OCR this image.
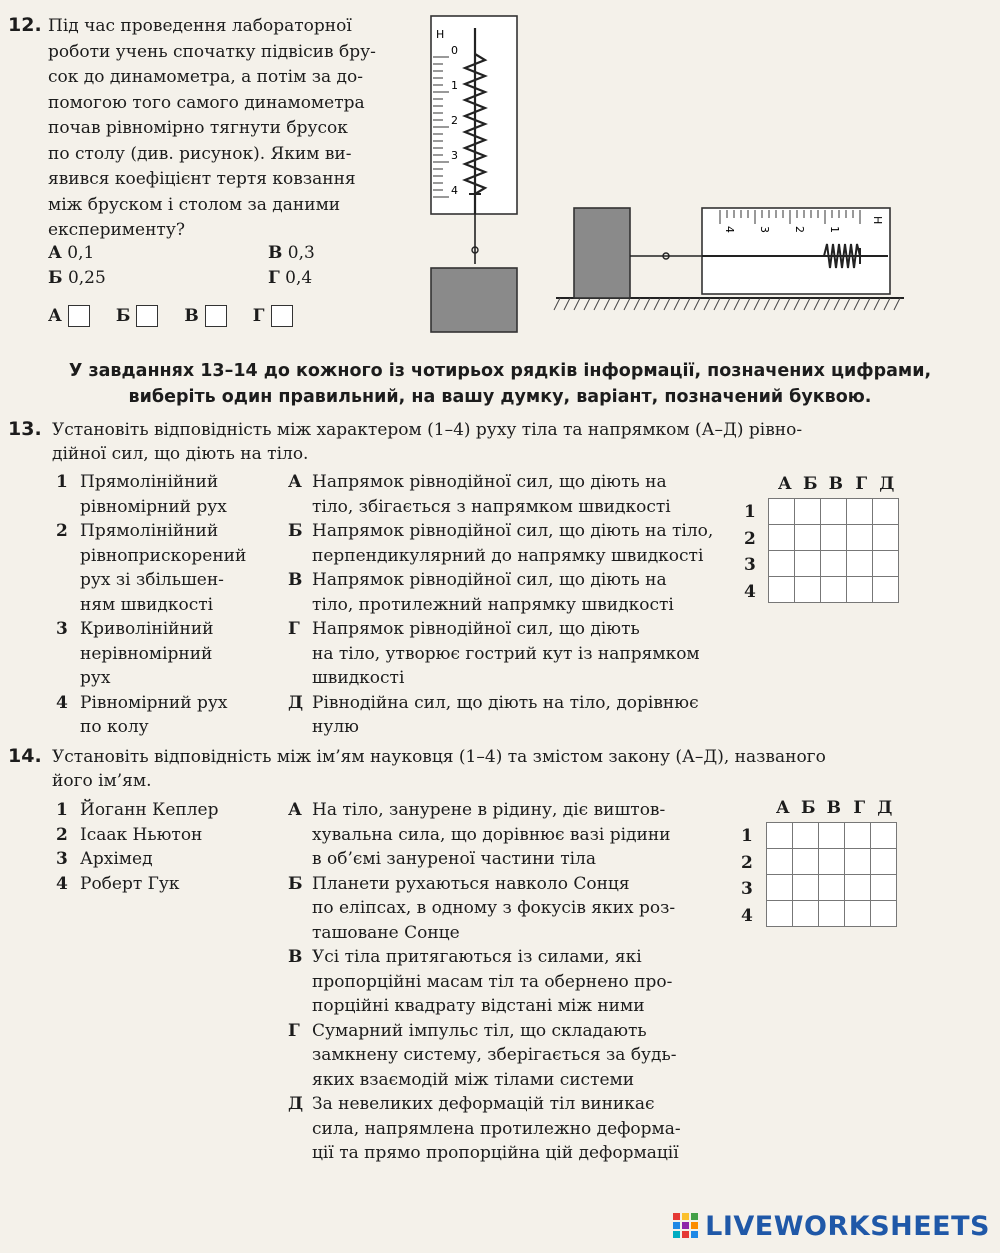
12. Під час проведення лабораторної
роботи учень спочатку підвісив бру-
сок до динамометра, а потім за до-
помогою того самого динамометра
почав рівномірно тягнути брусок
по столу (див. рисунок). Яким ви-
явився коефіцієнт тертя ковзання
між бруском і столом за даними
експерименту?
А 0,1
Б 0,25
В 0,3
Г 0,4
А	Б	В	Г
Н
0
1
2
3
4
Н
1
2
3
4
У завданнях 13–14 до кожного із чотирьох рядків інформації, позначених цифрами,
виберіть один правильний, на вашу думку, варіант, позначений буквою.
13. Установіть відповідність між характером (1–4) руху тіла та напрямком (А–Д) рівно-
дійної сил, що діють на тіло.
1 Прямолінійний
рівномірний рух
2 Прямолінійний
рівноприскорений
рух зі збільшен-
ням швидкості
3 Криволінійний
нерівномірний
рух
4 Рівномірний рух
по колу
А Напрямок рівнодійної сил, що діють на
тіло, збігається з напрямком швидкості
Б Напрямок рівнодійної сил, що діють на тіло,
перпендикулярний до напрямку швидкості
В Напрямок рівнодійної сил, що діють на
тіло, протилежний напрямку швидкості
Г Напрямок рівнодійної сил, що діють
на тіло, утворює гострий кут із напрямком
швидкості
Д Рівнодійна сил, що діють на тіло, дорівнює
нулю
А Б В Г Д
1
2
3
4

14. Установіть відповідність між ім’ям науковця (1–4) та змістом закону (А–Д), названого
його ім’ям.
1 Йоганн Кеплер
2 Ісаак Ньютон
3 Архімед
4 Роберт Гук
А На тіло, занурене в рідину, діє виштов-
хувальна сила, що дорівнює вазі рідини
в об’ємі зануреної частини тіла
Б Планети рухаються навколо Сонця
по еліпсах, в одному з фокусів яких роз-
ташоване Сонце
В Усі тіла притягаються із силами, які
пропорційні масам тіл та обернено про-
порційні квадрату відстані між ними
Г Сумарний імпульс тіл, що складають
замкнену систему, зберігається за будь-
яких взаємодій між тілами системи
Д За невеликих деформацій тіл виникає
сила, напрямлена протилежно деформа-
ції та прямо пропорційна цій деформації
А Б В Г Д
1
2
3
4

LIVEWORKSHEETS
